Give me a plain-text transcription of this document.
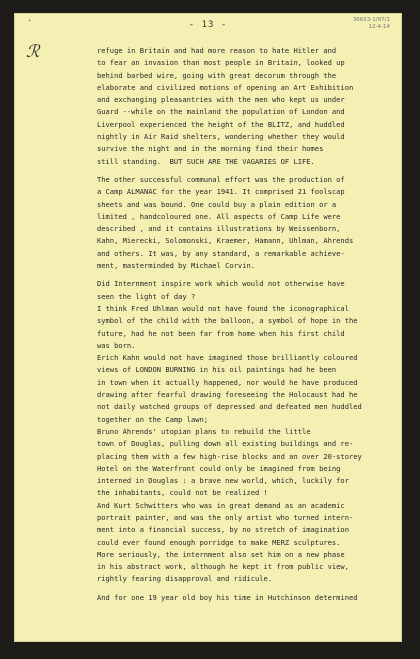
+	- 13 -	36653-1/97/1
12-4-14
ℛ	refuge in Britain and had more reason to hate Hitler and

to fear an invasion than most people in Britain, looked up

behind barbed wire, going with great decorum through the

elaborate and civilized motions of opening an Art Exhibition

and exchanging pleasantries with the men who kept us under

Guard --while on the mainland the population of London and

Liverpool experienced the height of the BLITZ, and huddled

nightly in Air Raid shelters, wondering whether they would

survive the night and in the morning find their homes

still standing.  BUT SUCH ARE THE VAGARIES OF LIFE.

The other successful communal effort was the production of

a Camp ALMANAC for the year 1941. It comprised 21 foolscap

sheets and was bound. One could buy a plain edition or a

limited , handcoloured one. All aspects of Camp Life were

described , and it contains illustrations by Weissenborn,

Kahn, Mierecki, Solomonski, Kraemer, Hamann, Uhlman, Ahrends

and others. It was, by any standard, a remarkable achieve-

ment, masterminded by Michael Corvin.

Did Internment inspire work which would not otherwise have

seen the light of day ?

I think Fred Uhlman would not have found the iconographical

symbol of the child with the balloon, a symbol of hope in the

future, had he not been far from home when his first child

was born.

Erich Kahn would not have imagined those brilliantly coloured

views of LONDON BURNING in his oil paintings had he been

in town when it actually happened, nor would he have produced

drawing after fearful drawing foreseeing the Holocaust had he

not daily watched groups of depressed and defeated men huddled

together on the Camp lawn;

Bruno Ahrends' utopian plans to rebuild the little

town of Douglas, pulling down all existing buildings and re-

placing them with a few high-rise blocks and an over 20-storey

Hotel on the Waterfront could only be imagined from being

interned in Douglas : a brave new world, which, luckily for

the inhabitants, could not be realized !

And Kurt Schwitters who was in great demand as an academic

portrait painter, and was the only artist who turned intern-

ment into a financial success, by no stretch of imagination

could ever found enough porridge to make MERZ sculptures.

More seriously, the internment also set him on a new phase

in his abstract work, although he kept it from public view,

rightly fearing disapproval and ridicule.

And for one 19 year old boy his time in Hutchinson determined
